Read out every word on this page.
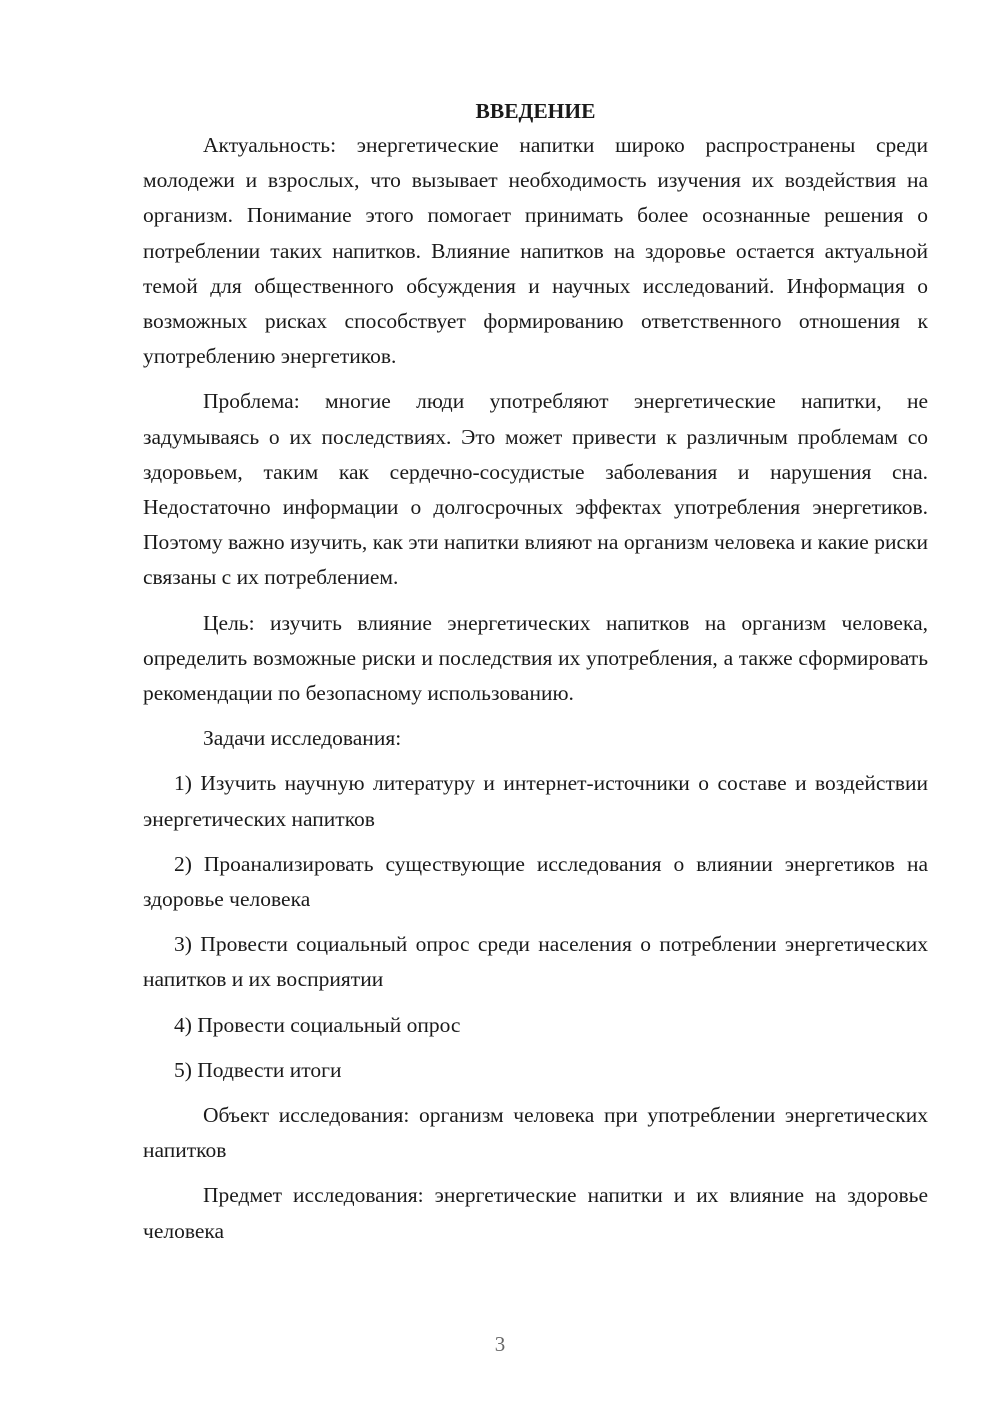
ВВЕДЕНИЕ

Актуальность: энергетические напитки широко распространены среди молодежи и взрослых, что вызывает необходимость изучения их воздействия на организм. Понимание этого помогает принимать более осознанные решения о потреблении таких напитков. Влияние напитков на здоровье остается актуальной темой для общественного обсуждения и научных исследований. Информация о возможных рисках способствует формированию ответственного отношения к употреблению энергетиков.

Проблема: многие люди употребляют энергетические напитки, не задумываясь о их последствиях. Это может привести к различным проблемам со здоровьем, таким как сердечно-сосудистые заболевания и нарушения сна. Недостаточно информации о долгосрочных эффектах употребления энергетиков. Поэтому важно изучить, как эти напитки влияют на организм человека и какие риски связаны с их потреблением.

Цель: изучить влияние энергетических напитков на организм человека, определить возможные риски и последствия их употребления, а также сформировать рекомендации по безопасному использованию.

Задачи исследования:

1) Изучить научную литературу и интернет-источники о составе и воздействии энергетических напитков

2) Проанализировать существующие исследования о влиянии энергетиков на здоровье человека

3) Провести социальный опрос среди населения о потреблении энергетических напитков и их восприятии

4) Провести социальный опрос

5) Подвести итоги

Объект исследования: организм человека при употреблении энергетических напитков

Предмет исследования: энергетические напитки и их влияние на здоровье человека

3
